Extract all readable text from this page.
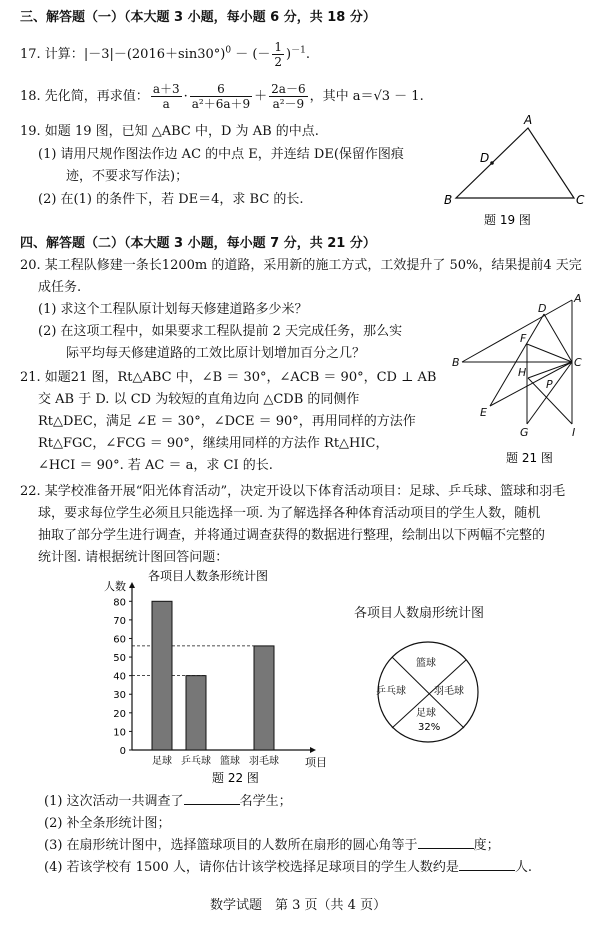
三、解答题（一）（本大题 3 小题，每小题 6 分，共 18 分）
17. 计算：$|-3|-(2016+\sin 30^\circ)^0$ － (－ $\frac{1}{2} )^{-1}$.
18. 先化简，再求值： $\frac{a+3}{a} \cdot \frac{6}{\text{a²＋6a＋9}} + \frac{2a-6}{\text{a²－9}}$ ，其中 a＝√3 － 1.
19. 如题 19 图，已知 △ABC 中，D 为 AB 的中点.
(1) 请用尺规作图法作边 AC 的中点 E，并连结 DE(保留作图痕
迹，不要求写作法)；
(2) 在(1) 的条件下，若 DE＝4，求 BC 的长.
A
B	C
D
题 19 图
四、解答题（二）（本大题 3 小题，每小题 7 分，共 21 分）
20. 某工程队修建一条长1200m 的道路，采用新的施工方式，工效提升了 50%，结果提前4 天完
成任务.
(1) 求这个工程队原计划每天修建道路多少米？
(2) 在这项工程中，如果要求工程队提前 2 天完成任务，那么实
际平均每天修建道路的工效比原计划增加百分之几？
21. 如题21 图，Rt△ABC 中，∠B ＝ 30°，∠ACB ＝ 90°，CD ⊥ AB
交 AB 于 D. 以 CD 为较短的直角边向 △CDB 的同侧作
Rt△DEC，满足 ∠E ＝ 30°，∠DCE ＝ 90°，再用同样的方法作
Rt△FGC，∠FCG ＝ 90°，继续用同样的方法作 Rt△HIC，
∠HCI ＝ 90°. 若 AC ＝ a，求 CI 的长.
A
B	C
D
E
F
G
H
I
P
题 21 图
22. 某学校准备开展“阳光体育活动”，决定开设以下体育活动项目：足球、乒乓球、篮球和羽毛
球，要求每位学生必须且只能选择一项. 为了解选择各种体育活动项目的学生人数，随机
抽取了部分学生进行调查，并将通过调查获得的数据进行整理，绘制出以下两幅不完整的
统计图. 请根据统计图回答问题：
各项目人数条形统计图
人数
0
10
20
30
40
50
60
70
80
足球 乒乓球 篮球 羽毛球 项目
题 22 图
各项目人数扇形统计图
篮球
乒乓球	羽毛球
足球
32%
(1) 这次活动一共调查了	名学生；
(2) 补全条形统计图；
(3) 在扇形统计图中，选择篮球项目的人数所在扇形的圆心角等于	度；
(4) 若该学校有 1500 人，请你估计该学校选择足球项目的学生人数约是	人.
数学试题　第 3 页（共 4 页）
